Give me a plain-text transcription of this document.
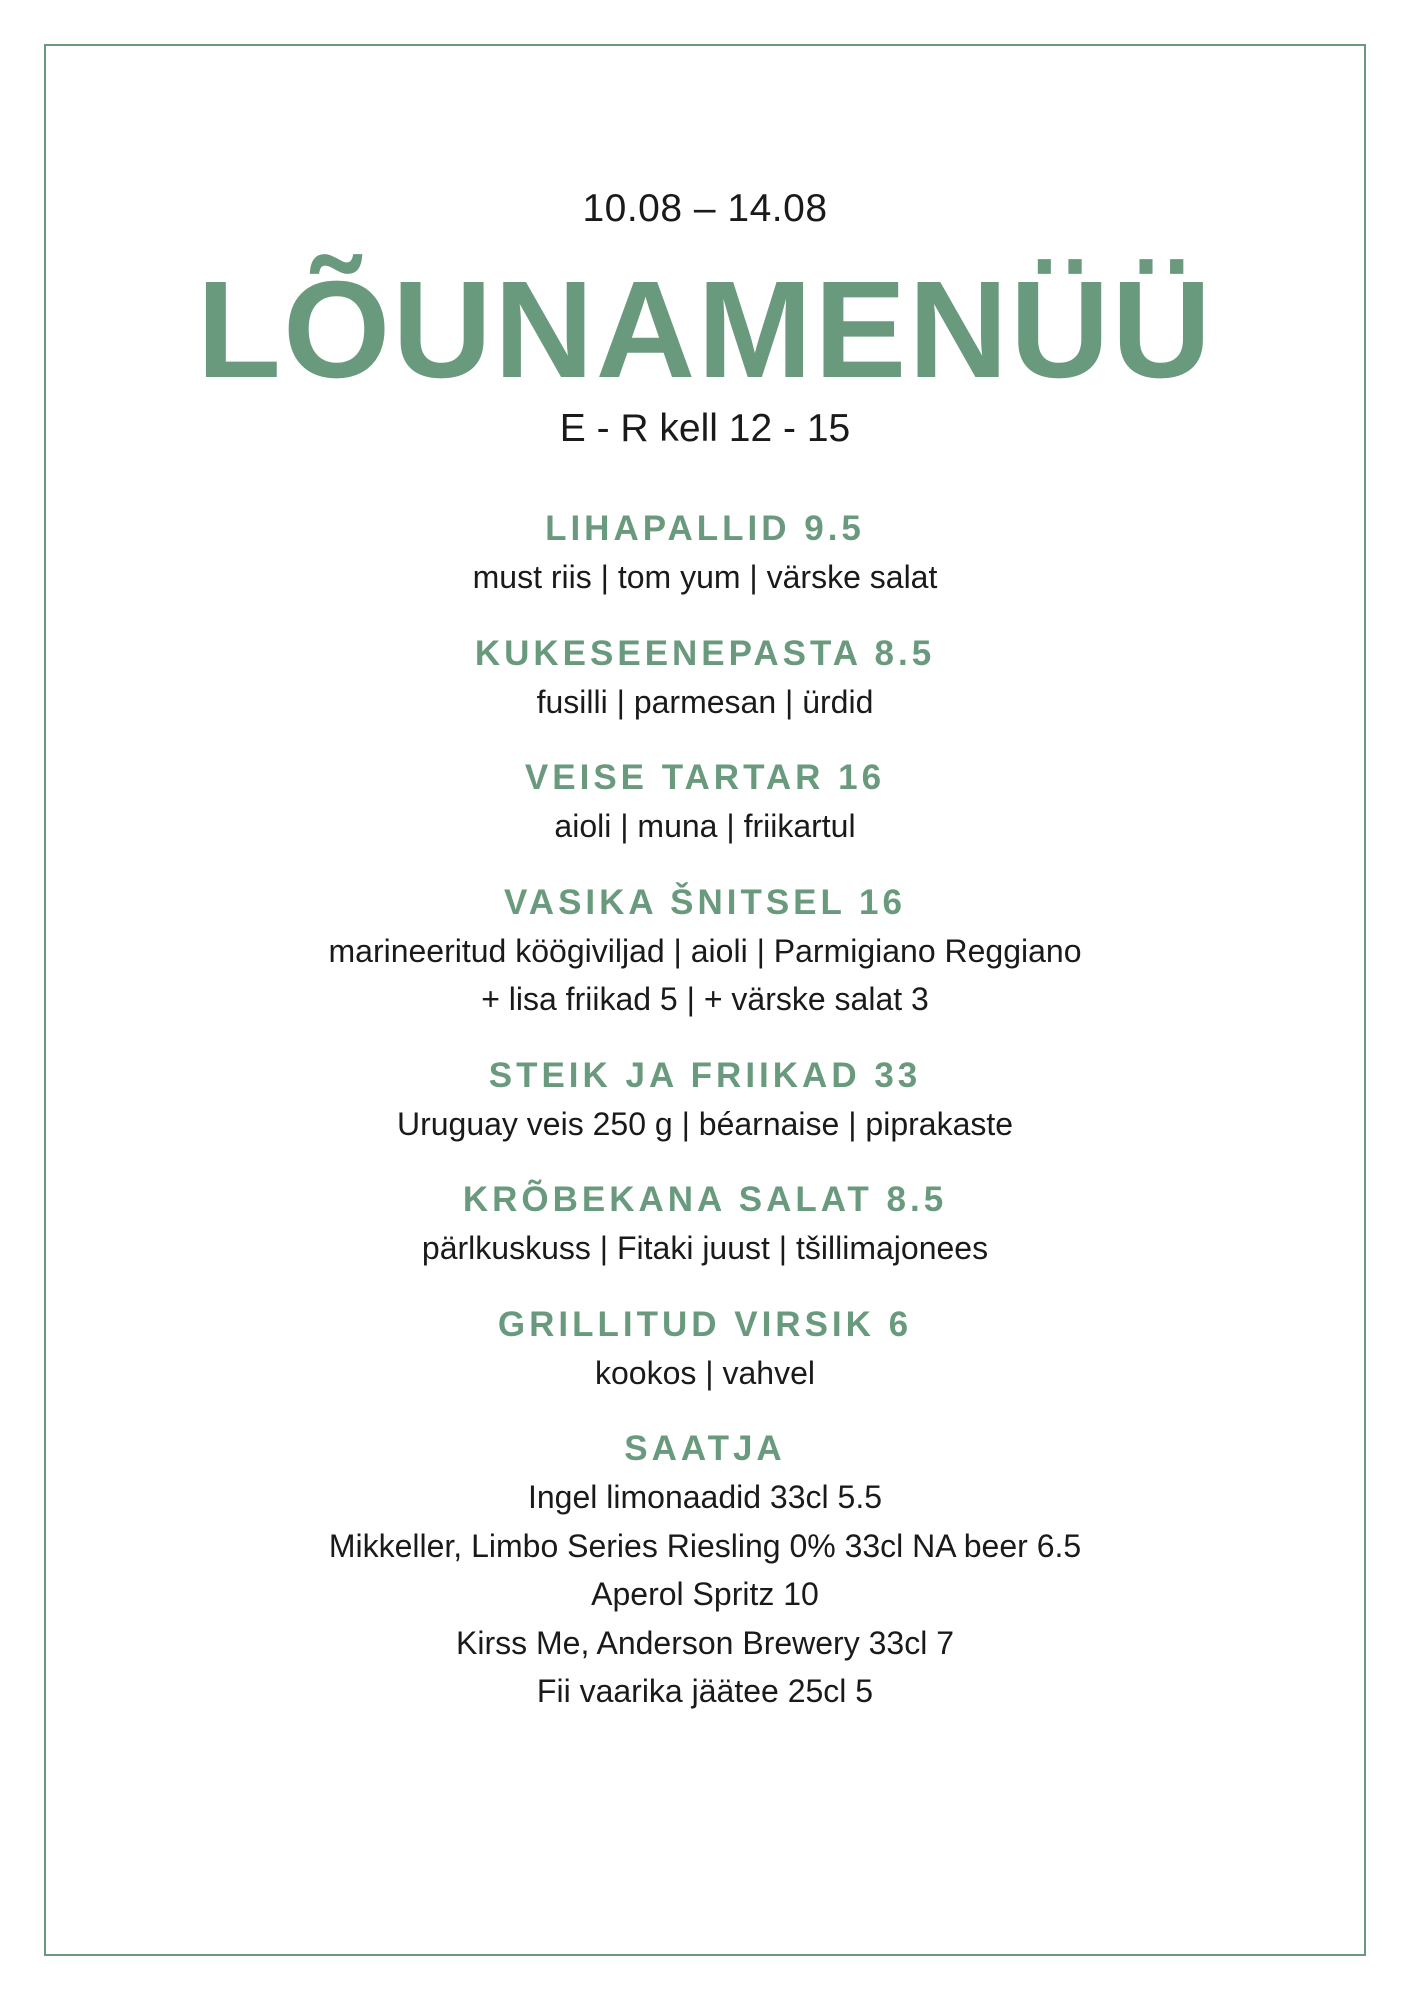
10.08 – 14.08
LÕUNAMENÜÜ
E - R kell 12 - 15
LIHAPALLID 9.5
must riis | tom yum | värske salat
KUKESEENEPASTA 8.5
fusilli | parmesan | ürdid
VEISE TARTAR 16
aioli | muna | friikartul
VASIKA ŠNITSEL 16
marineeritud köögiviljad | aioli | Parmigiano Reggiano
+ lisa friikad 5 | + värske salat 3
STEIK JA FRIIKAD 33
Uruguay veis 250 g | béarnaise | piprakaste
KRÕBEKANA SALAT 8.5
pärlkuskuss | Fitaki juust | tšillimajonees
GRILLITUD VIRSIK 6
kookos | vahvel
SAATJA
Ingel limonaadid 33cl 5.5
Mikkeller, Limbo Series Riesling 0% 33cl NA beer 6.5
Aperol Spritz 10
Kirss Me, Anderson Brewery 33cl 7
Fii vaarika jäätee 25cl 5
